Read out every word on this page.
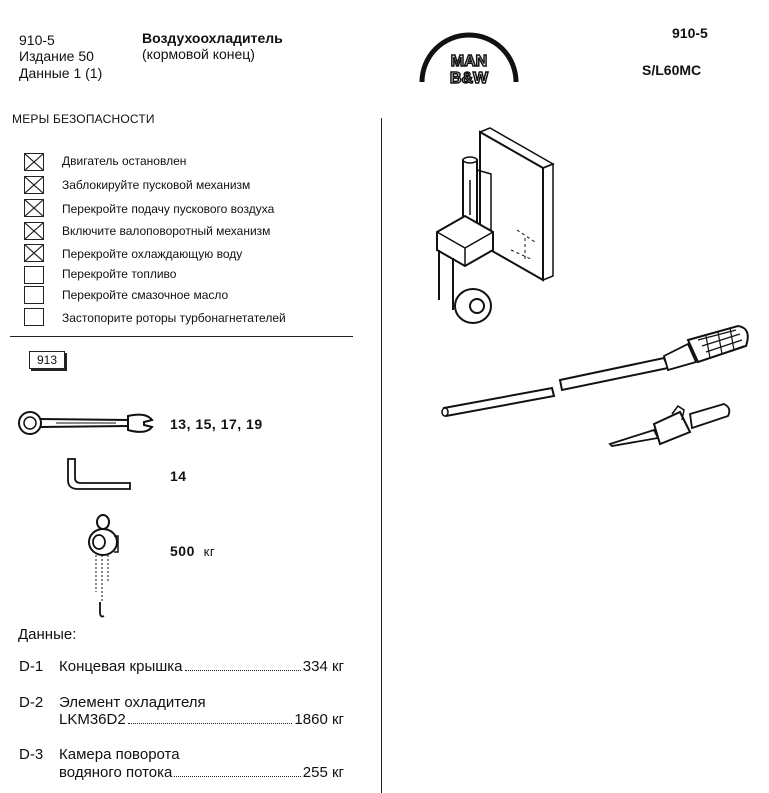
910-5
Издание 50
Данные 1 (1)
Воздухоохладитель
(кормовой конец)	MAN
B&W
910-5
S/L60MC
МЕРЫ БЕЗОПАСНОСТИ
Двигатель остановлен
Заблокируйте пусковой механизм
Перекройте подачу пускового воздуха
Включите валоповоротный механизм
Перекройте охлаждающую воду
Перекройте топливо
Перекройте смазочное масло
Застопорите роторы турбонагнетателей
913
13, 15, 17, 19
14
500 кг
Данные:
D-1 Концевая крышка	334 кг
D-2 Элемент охладителя
LKM36D2	1860 кг
D-3 Камера поворота
водяного потока	255 кг
